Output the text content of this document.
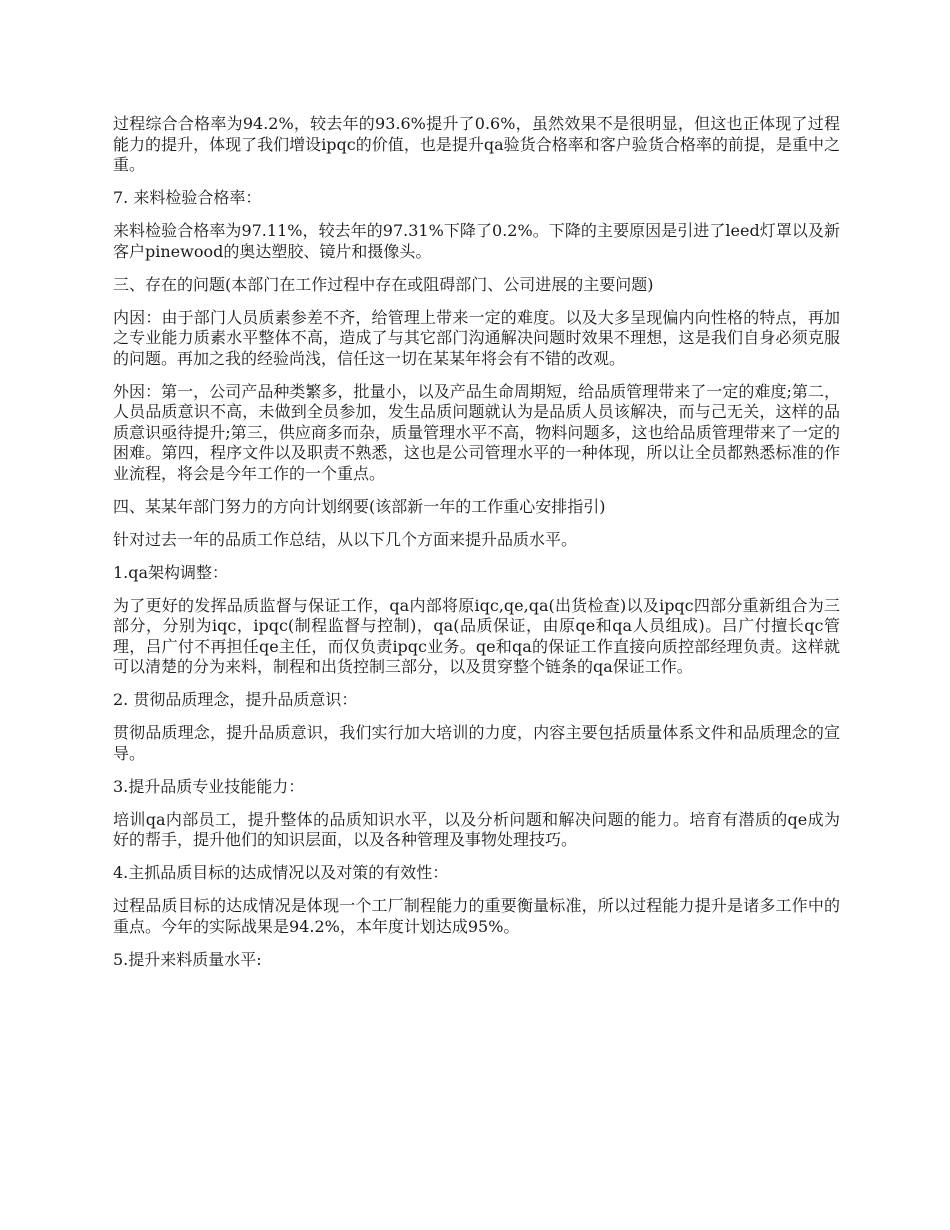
过程综合合格率为94.2%，较去年的93.6%提升了0.6%，虽然效果不是很明显，但这也正体现了过程能力的提升，体现了我们增设ipqc的价值，也是提升qa验货合格率和客户验货合格率的前提，是重中之重。

7. 来料检验合格率：

来料检验合格率为97.11%，较去年的97.31%下降了0.2%。下降的主要原因是引进了leed灯罩以及新客户pinewood的奥达塑胶、镜片和摄像头。

三、存在的问题(本部门在工作过程中存在或阻碍部门、公司进展的主要问题)

内因：由于部门人员质素参差不齐，给管理上带来一定的难度。以及大多呈现偏内向性格的特点，再加之专业能力质素水平整体不高，造成了与其它部门沟通解决问题时效果不理想，这是我们自身必须克服的问题。再加之我的经验尚浅，信任这一切在某某年将会有不错的改观。

外因：第一，公司产品种类繁多，批量小，以及产品生命周期短，给品质管理带来了一定的难度;第二，人员品质意识不高，未做到全员参加，发生品质问题就认为是品质人员该解决，而与己无关，这样的品质意识亟待提升;第三，供应商多而杂，质量管理水平不高，物料问题多，这也给品质管理带来了一定的困难。第四，程序文件以及职责不熟悉，这也是公司管理水平的一种体现，所以让全员都熟悉标准的作业流程，将会是今年工作的一个重点。

四、某某年部门努力的方向计划纲要(该部新一年的工作重心安排指引)

针对过去一年的品质工作总结，从以下几个方面来提升品质水平。

1.qa架构调整：

为了更好的发挥品质监督与保证工作，qa内部将原iqc,qe,qa(出货检查)以及ipqc四部分重新组合为三部分，分别为iqc，ipqc(制程监督与控制)，qa(品质保证，由原qe和qa人员组成)。吕广付擅长qc管理，吕广付不再担任qe主任，而仅负责ipqc业务。qe和qa的保证工作直接向质控部经理负责。这样就可以清楚的分为来料，制程和出货控制三部分，以及贯穿整个链条的qa保证工作。

2. 贯彻品质理念，提升品质意识：

贯彻品质理念，提升品质意识，我们实行加大培训的力度，内容主要包括质量体系文件和品质理念的宣导。

3.提升品质专业技能能力：

培训qa内部员工，提升整体的品质知识水平，以及分析问题和解决问题的能力。培育有潜质的qe成为好的帮手，提升他们的知识层面，以及各种管理及事物处理技巧。

4.主抓品质目标的达成情况以及对策的有效性：

过程品质目标的达成情况是体现一个工厂制程能力的重要衡量标准，所以过程能力提升是诸多工作中的重点。今年的实际战果是94.2%，本年度计划达成95%。

5.提升来料质量水平:
